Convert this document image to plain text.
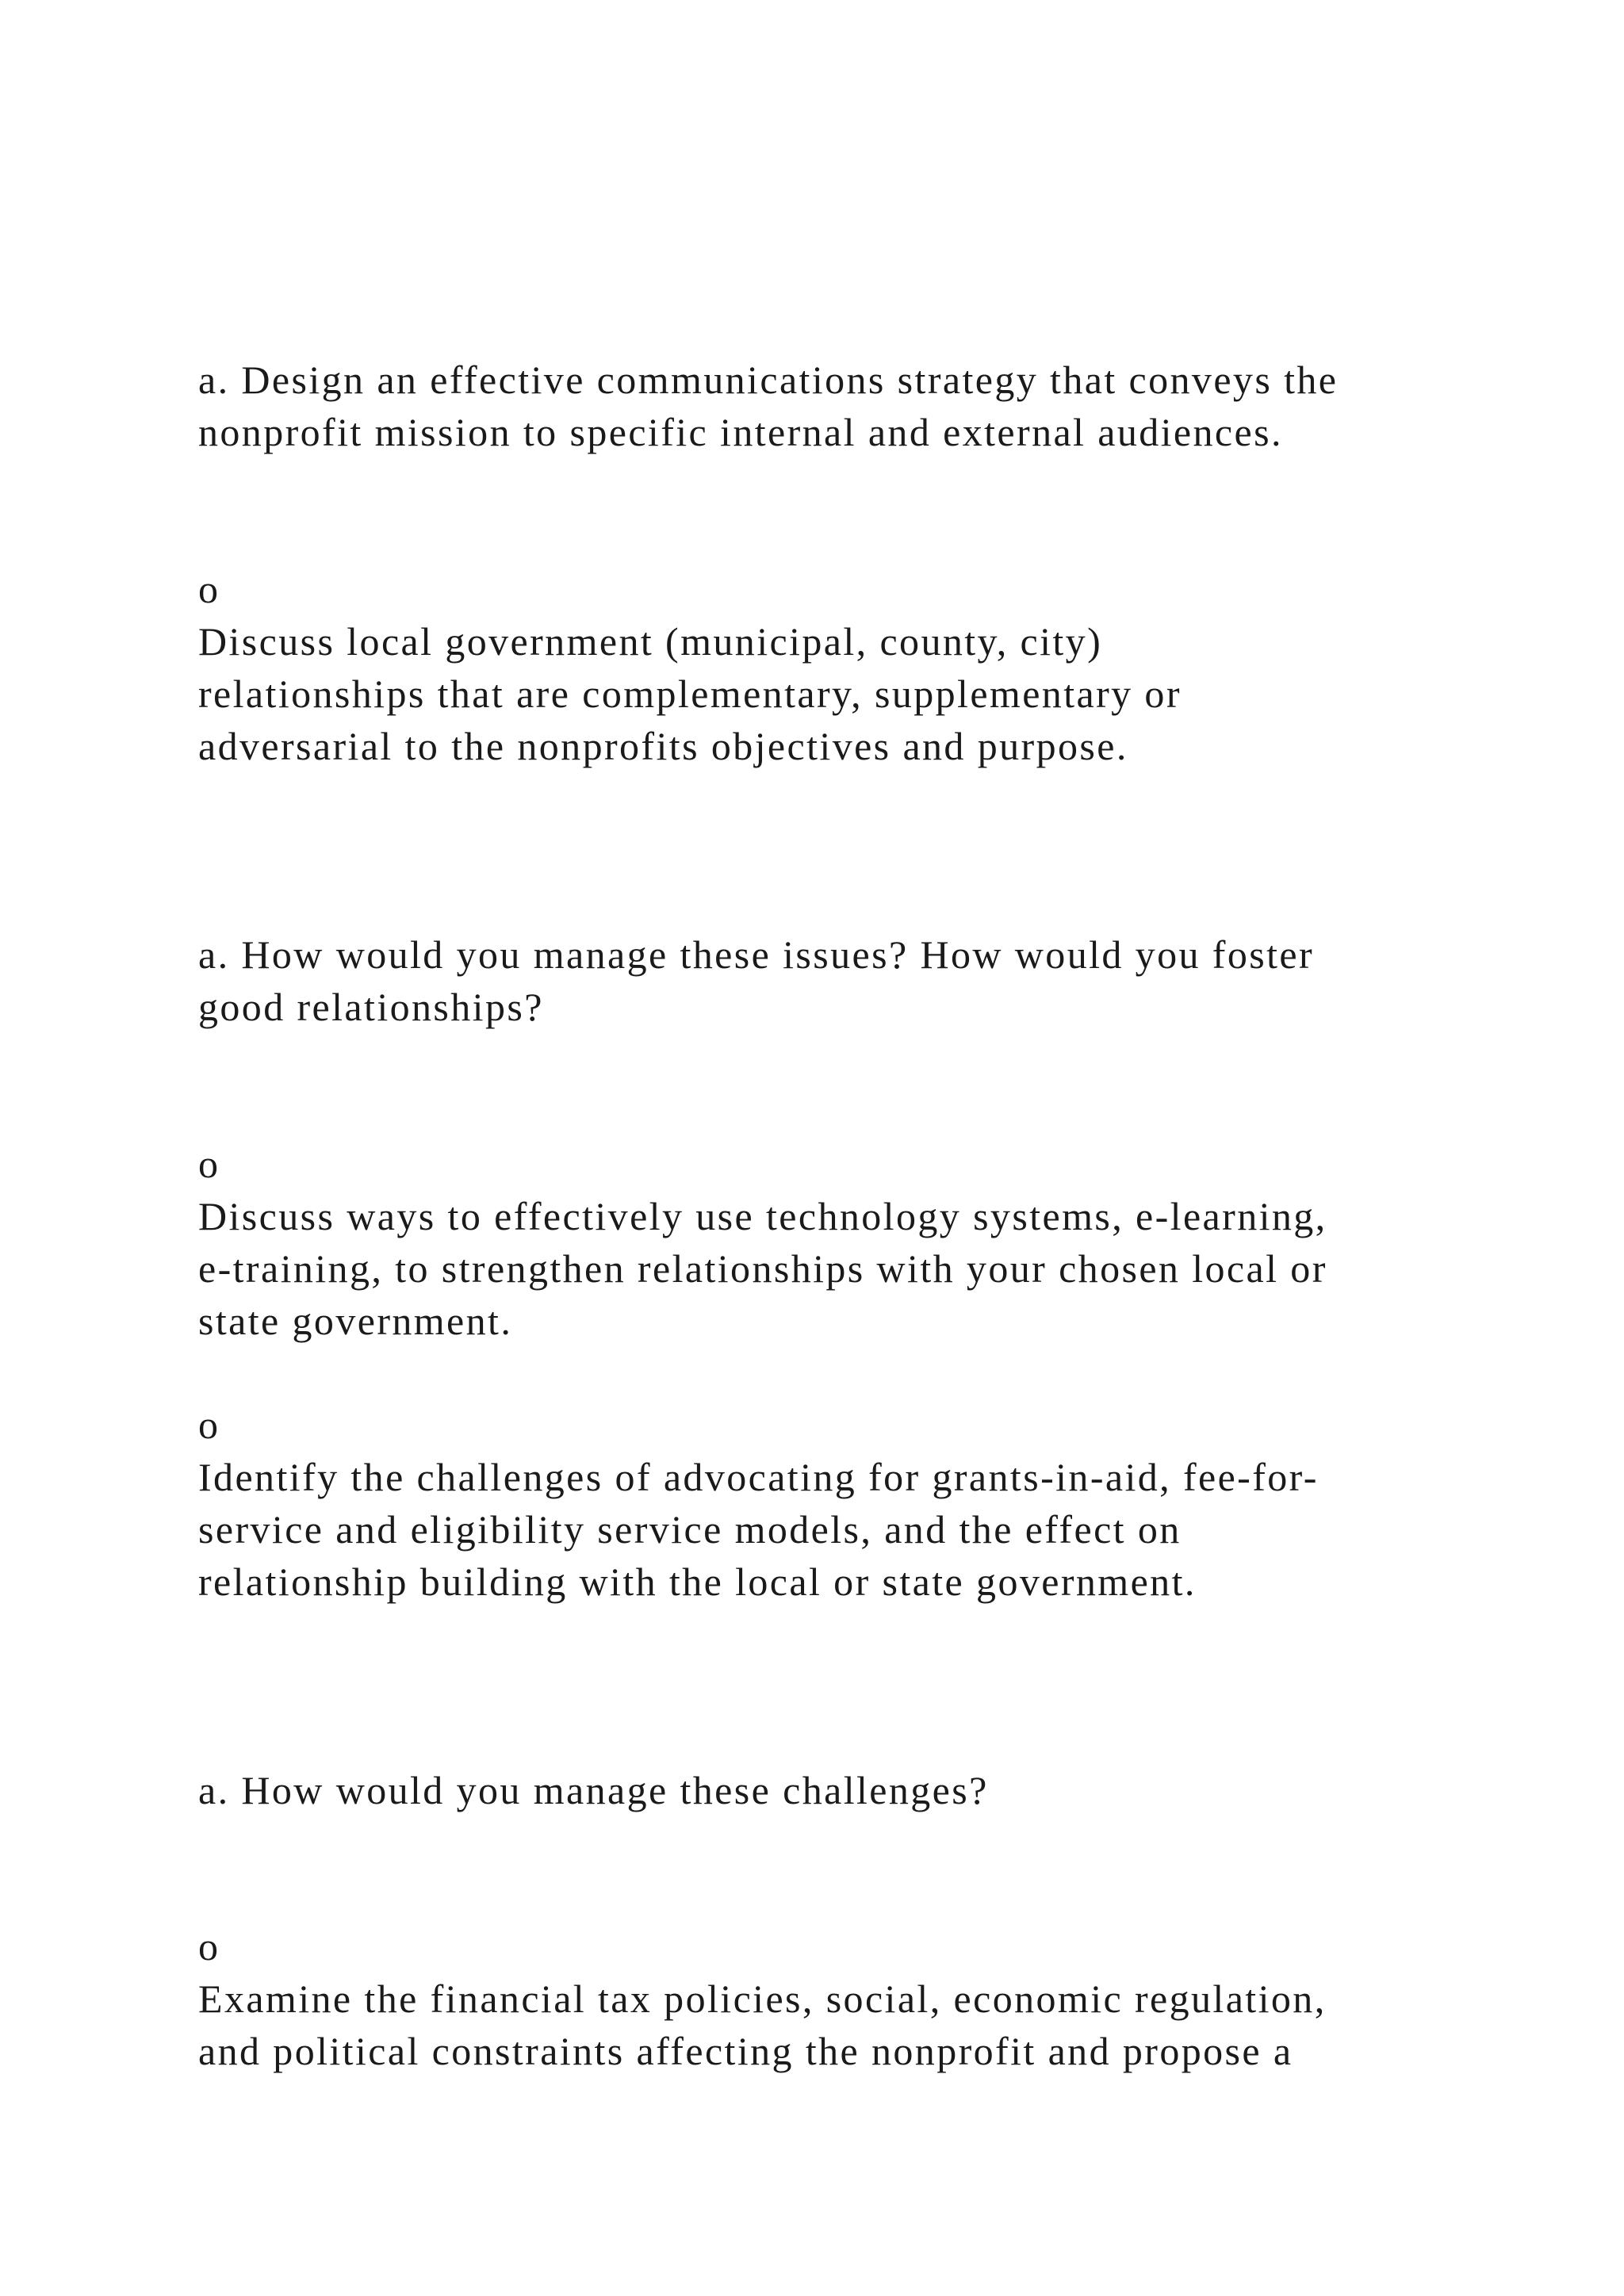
a. Design an effective communications strategy that conveys the
nonprofit mission to specific internal and external audiences.
o
Discuss local government (municipal, county, city)
relationships that are complementary, supplementary or
adversarial to the nonprofits objectives and purpose.
a. How would you manage these issues? How would you foster
good relationships?
o
Discuss ways to effectively use technology systems, e-learning,
e-training, to strengthen relationships with your chosen local or
state government.
o
Identify the challenges of advocating for grants-in-aid, fee-for-
service and eligibility service models, and the effect on
relationship building with the local or state government.
a. How would you manage these challenges?
o
Examine the financial tax policies, social, economic regulation,
and political constraints affecting the nonprofit and propose a
